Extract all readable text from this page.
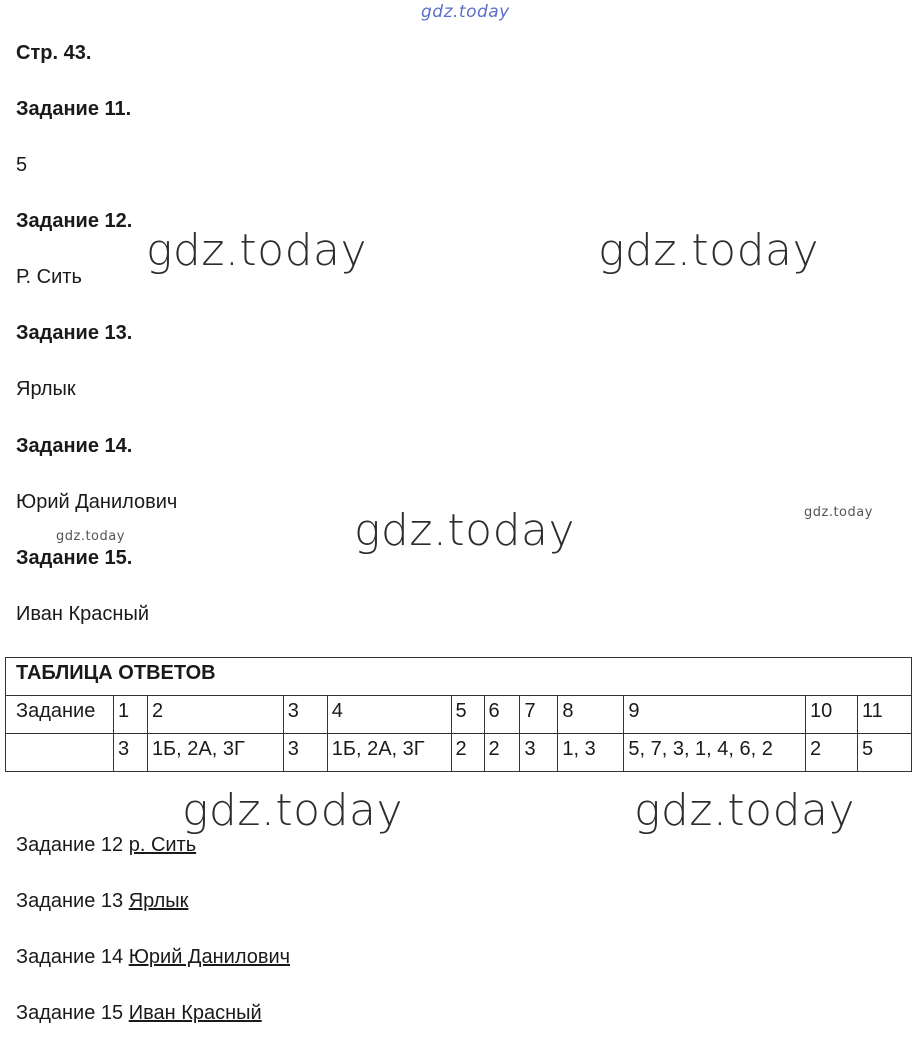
gdz.today
Стр. 43.
Задание 11.
5
Задание 12.
Р. Сить
Задание 13.
Ярлык
Задание 14.
Юрий Данилович
Задание 15.
Иван Красный
gdz.today	gdz.today
gdz.today	gdz.today
gdz.today
ТАБЛИЦА ОТВЕТОВ											
Задание	1	2	3	4	5	6	7	8	9	10	11
	3	1Б, 2А, 3Г	3	1Б, 2А, 3Г	2	2	3	1, 3	5, 7, 3, 1, 4, 6, 2	2	5
gdz.today	gdz.today
Задание 12 р. Сить
Задание 13 Ярлык
Задание 14 Юрий Данилович
Задание 15 Иван Красный
